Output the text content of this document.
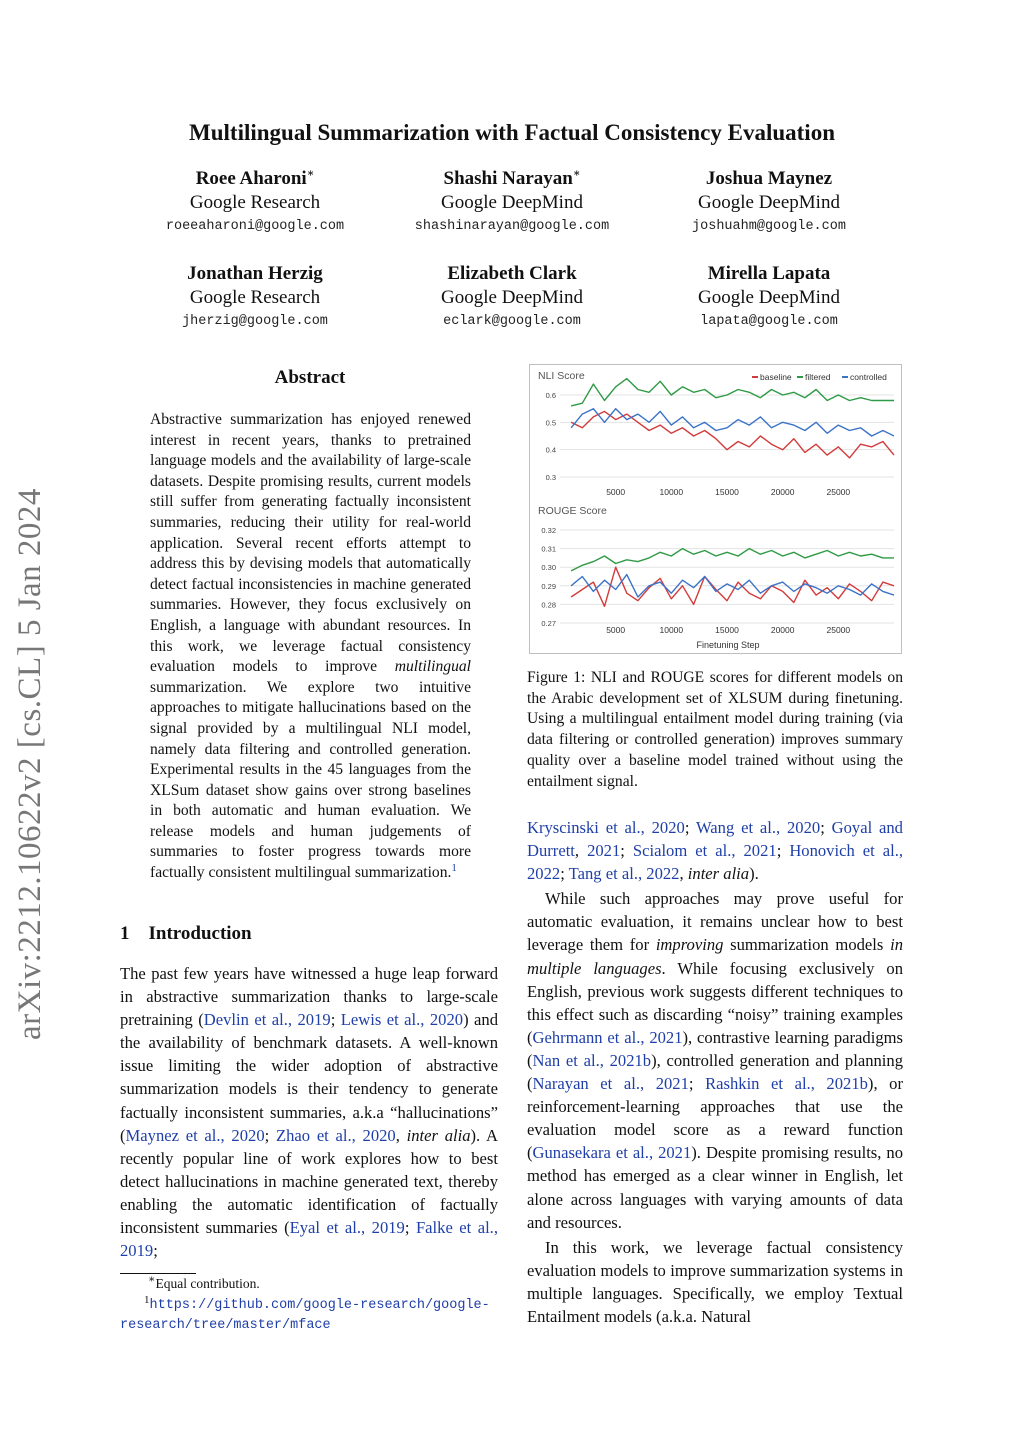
Multilingual Summarization with Factual Consistency Evaluation
Roee Aharoni∗
Google Research
roeeaharoni@google.com
Shashi Narayan∗
Google DeepMind
shashinarayan@google.com
Joshua Maynez
Google DeepMind
joshuahm@google.com
Jonathan Herzig
Google Research
jherzig@google.com
Elizabeth Clark
Google DeepMind
eclark@google.com
Mirella Lapata
Google DeepMind
lapata@google.com
arXiv:2212.10622v2 [cs.CL] 5 Jan 2024
Abstract
Abstractive summarization has enjoyed renewed interest in recent years, thanks to pretrained language models and the availability of large-scale datasets. Despite promising results, current models still suffer from generating factually inconsistent summaries, reducing their utility for real-world application. Several recent efforts attempt to address this by devising models that automatically detect factual inconsistencies in machine generated summaries. However, they focus exclusively on English, a language with abundant resources. In this work, we leverage factual consistency evaluation models to improve multilingual summarization. We explore two intuitive approaches to mitigate hallucinations based on the signal provided by a multilingual NLI model, namely data filtering and controlled generation. Experimental results in the 45 languages from the XLSum dataset show gains over strong baselines in both automatic and human evaluation. We release models and human judgements of summaries to foster progress towards more factually consistent multilingual summarization.$^1$
1 Introduction

The past few years have witnessed a huge leap forward in abstractive summarization thanks to large-scale pretraining (Devlin et al., 2019; Lewis et al., 2020) and the availability of benchmark datasets. A well-known issue limiting the wider adoption of abstractive summarization models is their tendency to generate factually inconsistent summaries, a.k.a “hallucinations” (Maynez et al., 2020; Zhao et al., 2020, inter alia). A recently popular line of work explores how to best detect hallucinations in machine generated text, thereby enabling the automatic identification of factually inconsistent summaries (Eyal et al., 2019; Falke et al., 2019;

∗Equal contribution.
$^1$https://github.com/google-research/google-research/tree/master/mface
NLI Score	baseline filtered controlled
0.6
0.5
0.4
0.3
5000	10000	15000	20000	25000
ROUGE Score
0.32
0.31
0.30
0.29
0.28
0.27
5000	10000	15000	20000	25000
Finetuning Step
Figure 1: NLI and ROUGE scores for different models on the Arabic development set of XLSUM during finetuning. Using a multilingual entailment model during training (via data filtering or controlled generation) improves summary quality over a baseline model trained without using the entailment signal.

Kryscinski et al., 2020; Wang et al., 2020; Goyal and Durrett, 2021; Scialom et al., 2021; Honovich et al., 2022; Tang et al., 2022, inter alia).

While such approaches may prove useful for automatic evaluation, it remains unclear how to best leverage them for improving summarization models in multiple languages. While focusing exclusively on English, previous work suggests different techniques to this effect such as discarding “noisy” training examples (Gehrmann et al., 2021), contrastive learning paradigms (Nan et al., 2021b), controlled generation and planning (Narayan et al., 2021; Rashkin et al., 2021b), or reinforcement-learning approaches that use the evaluation model score as a reward function (Gunasekara et al., 2021). Despite promising results, no method has emerged as a clear winner in English, let alone across languages with varying amounts of data and resources.

In this work, we leverage factual consistency evaluation models to improve summarization systems in multiple languages. Specifically, we employ Textual Entailment models (a.k.a. Natural
